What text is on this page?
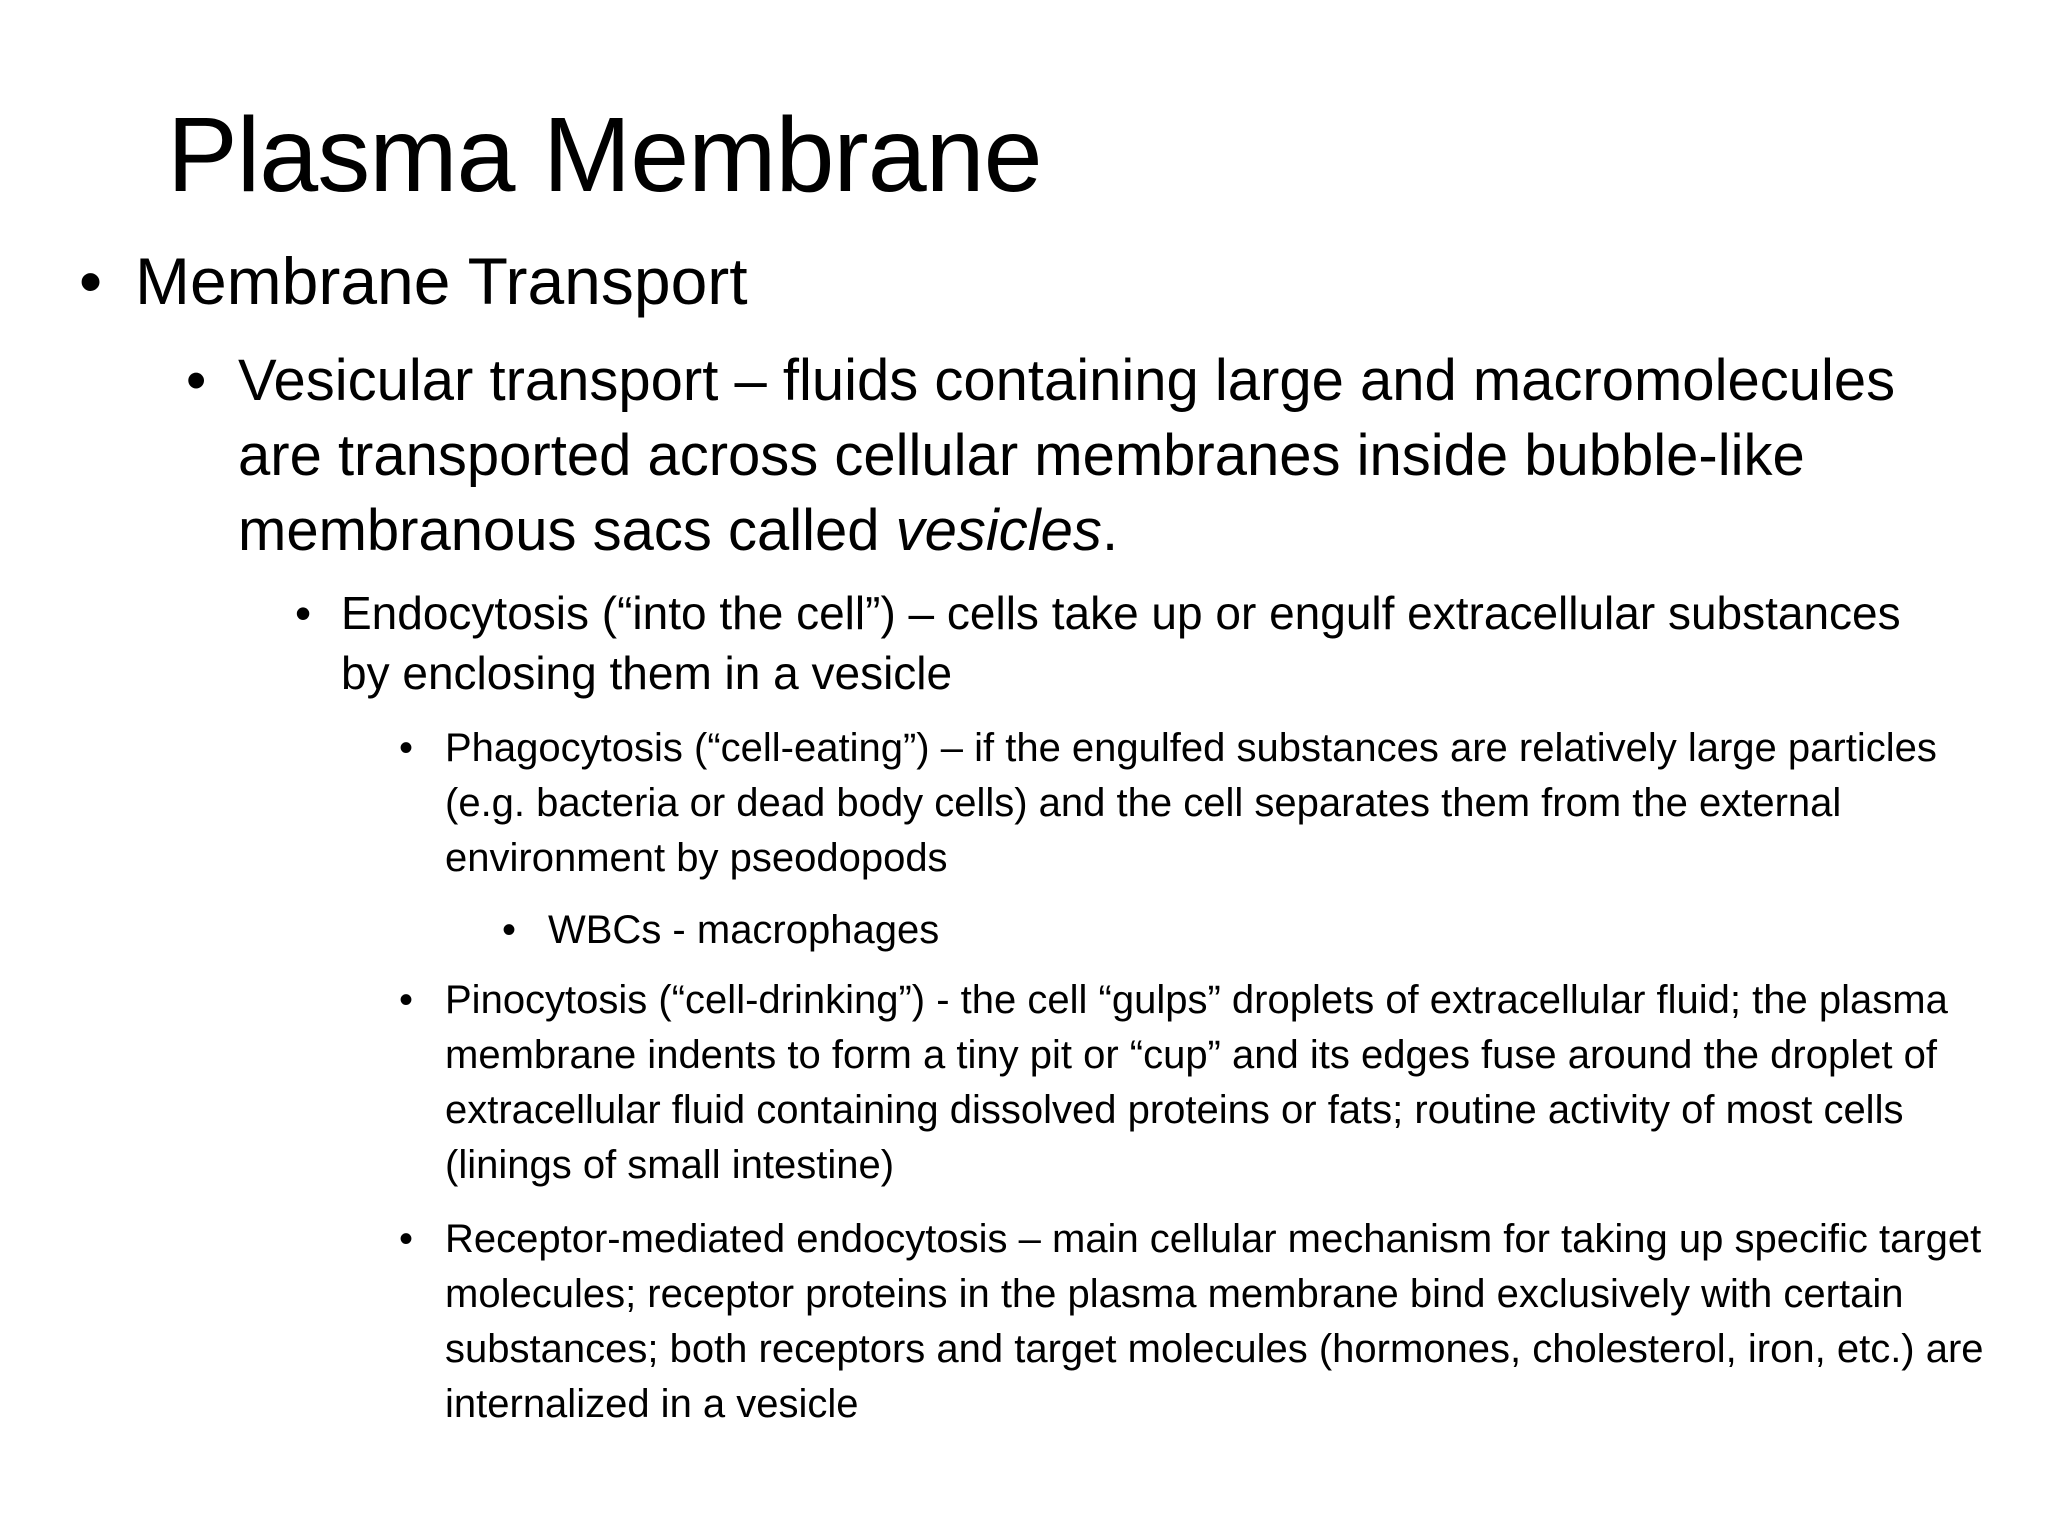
Plasma Membrane
• Membrane Transport
• Vesicular transport – fluids containing large and macromolecules are transported across cellular membranes inside bubble-like membranous sacs called vesicles.
• Endocytosis (“into the cell”) – cells take up or engulf extracellular substances by enclosing them in a vesicle
• Phagocytosis (“cell-eating”) – if the engulfed substances are relatively large particles (e.g. bacteria or dead body cells) and the cell separates them from the external environment by pseodopods
• WBCs - macrophages
• Pinocytosis (“cell-drinking”) - the cell “gulps” droplets of extracellular fluid; the plasma membrane indents to form a tiny pit or “cup” and its edges fuse around the droplet of extracellular fluid containing dissolved proteins or fats; routine activity of most cells (linings of small intestine)
• Receptor-mediated endocytosis – main cellular mechanism for taking up specific target molecules; receptor proteins in the plasma membrane bind exclusively with certain substances; both receptors and target molecules (hormones, cholesterol, iron, etc.) are internalized in a vesicle
